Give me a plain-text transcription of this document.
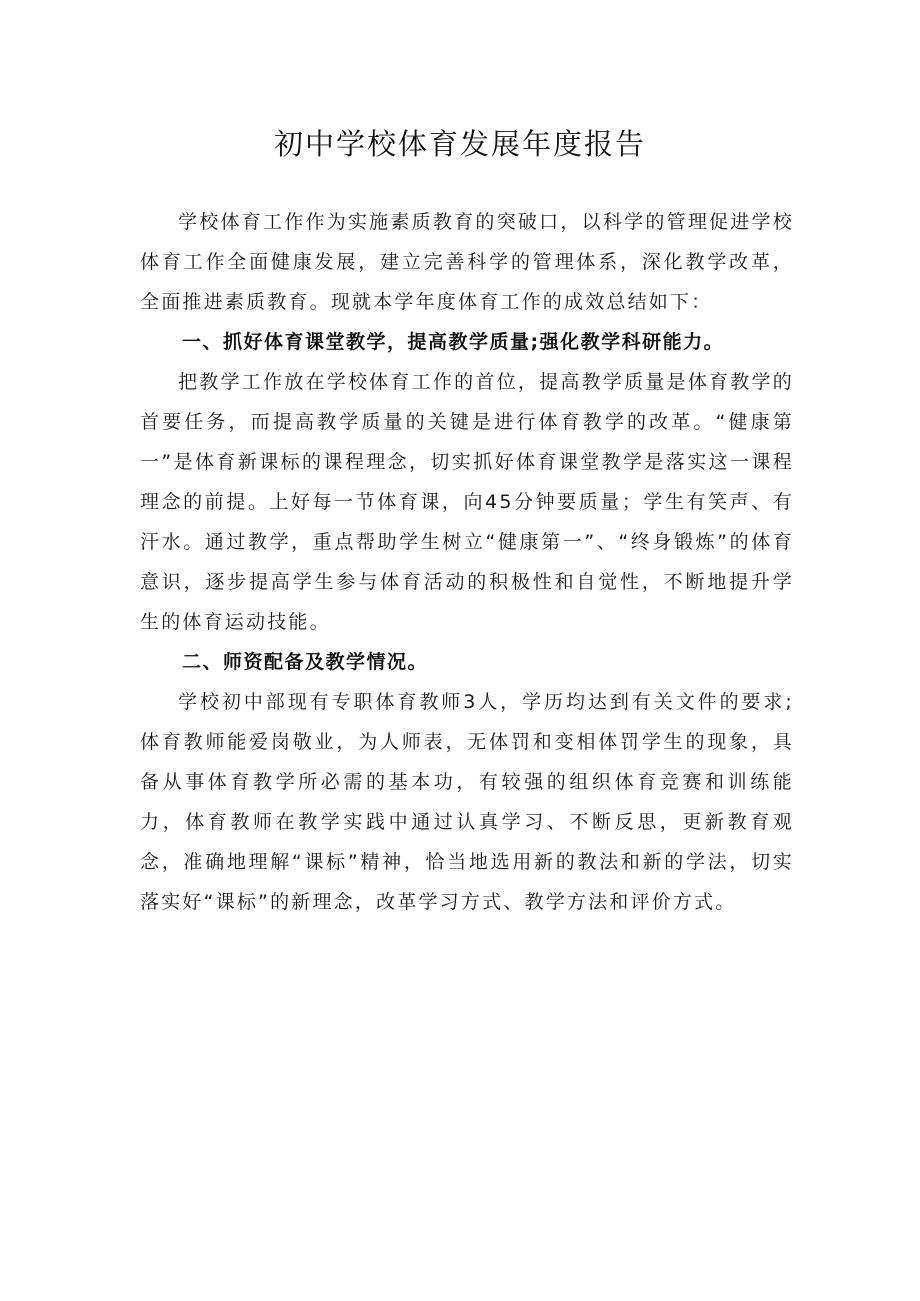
初中学校体育发展年度报告

学校体育工作作为实施素质教育的突破口，以科学的管理促进学校体育工作全面健康发展，建立完善科学的管理体系，深化教学改革，全面推进素质教育。现就本学年度体育工作的成效总结如下：

一、抓好体育课堂教学，提高教学质量;强化教学科研能力。

把教学工作放在学校体育工作的首位，提高教学质量是体育教学的首要任务，而提高教学质量的关键是进行体育教学的改革。“健康第一”是体育新课标的课程理念，切实抓好体育课堂教学是落实这一课程理念的前提。上好每一节体育课，向45分钟要质量；学生有笑声、有汗水。通过教学，重点帮助学生树立“健康第一”、“终身锻炼”的体育意识，逐步提高学生参与体育活动的积极性和自觉性，不断地提升学生的体育运动技能。

二、师资配备及教学情况。

学校初中部现有专职体育教师3人，学历均达到有关文件的要求;体育教师能爱岗敬业，为人师表，无体罚和变相体罚学生的现象，具备从事体育教学所必需的基本功，有较强的组织体育竞赛和训练能力，体育教师在教学实践中通过认真学习、不断反思，更新教育观念，准确地理解“课标”精神，恰当地选用新的教法和新的学法，切实落实好“课标”的新理念，改革学习方式、教学方法和评价方式。
